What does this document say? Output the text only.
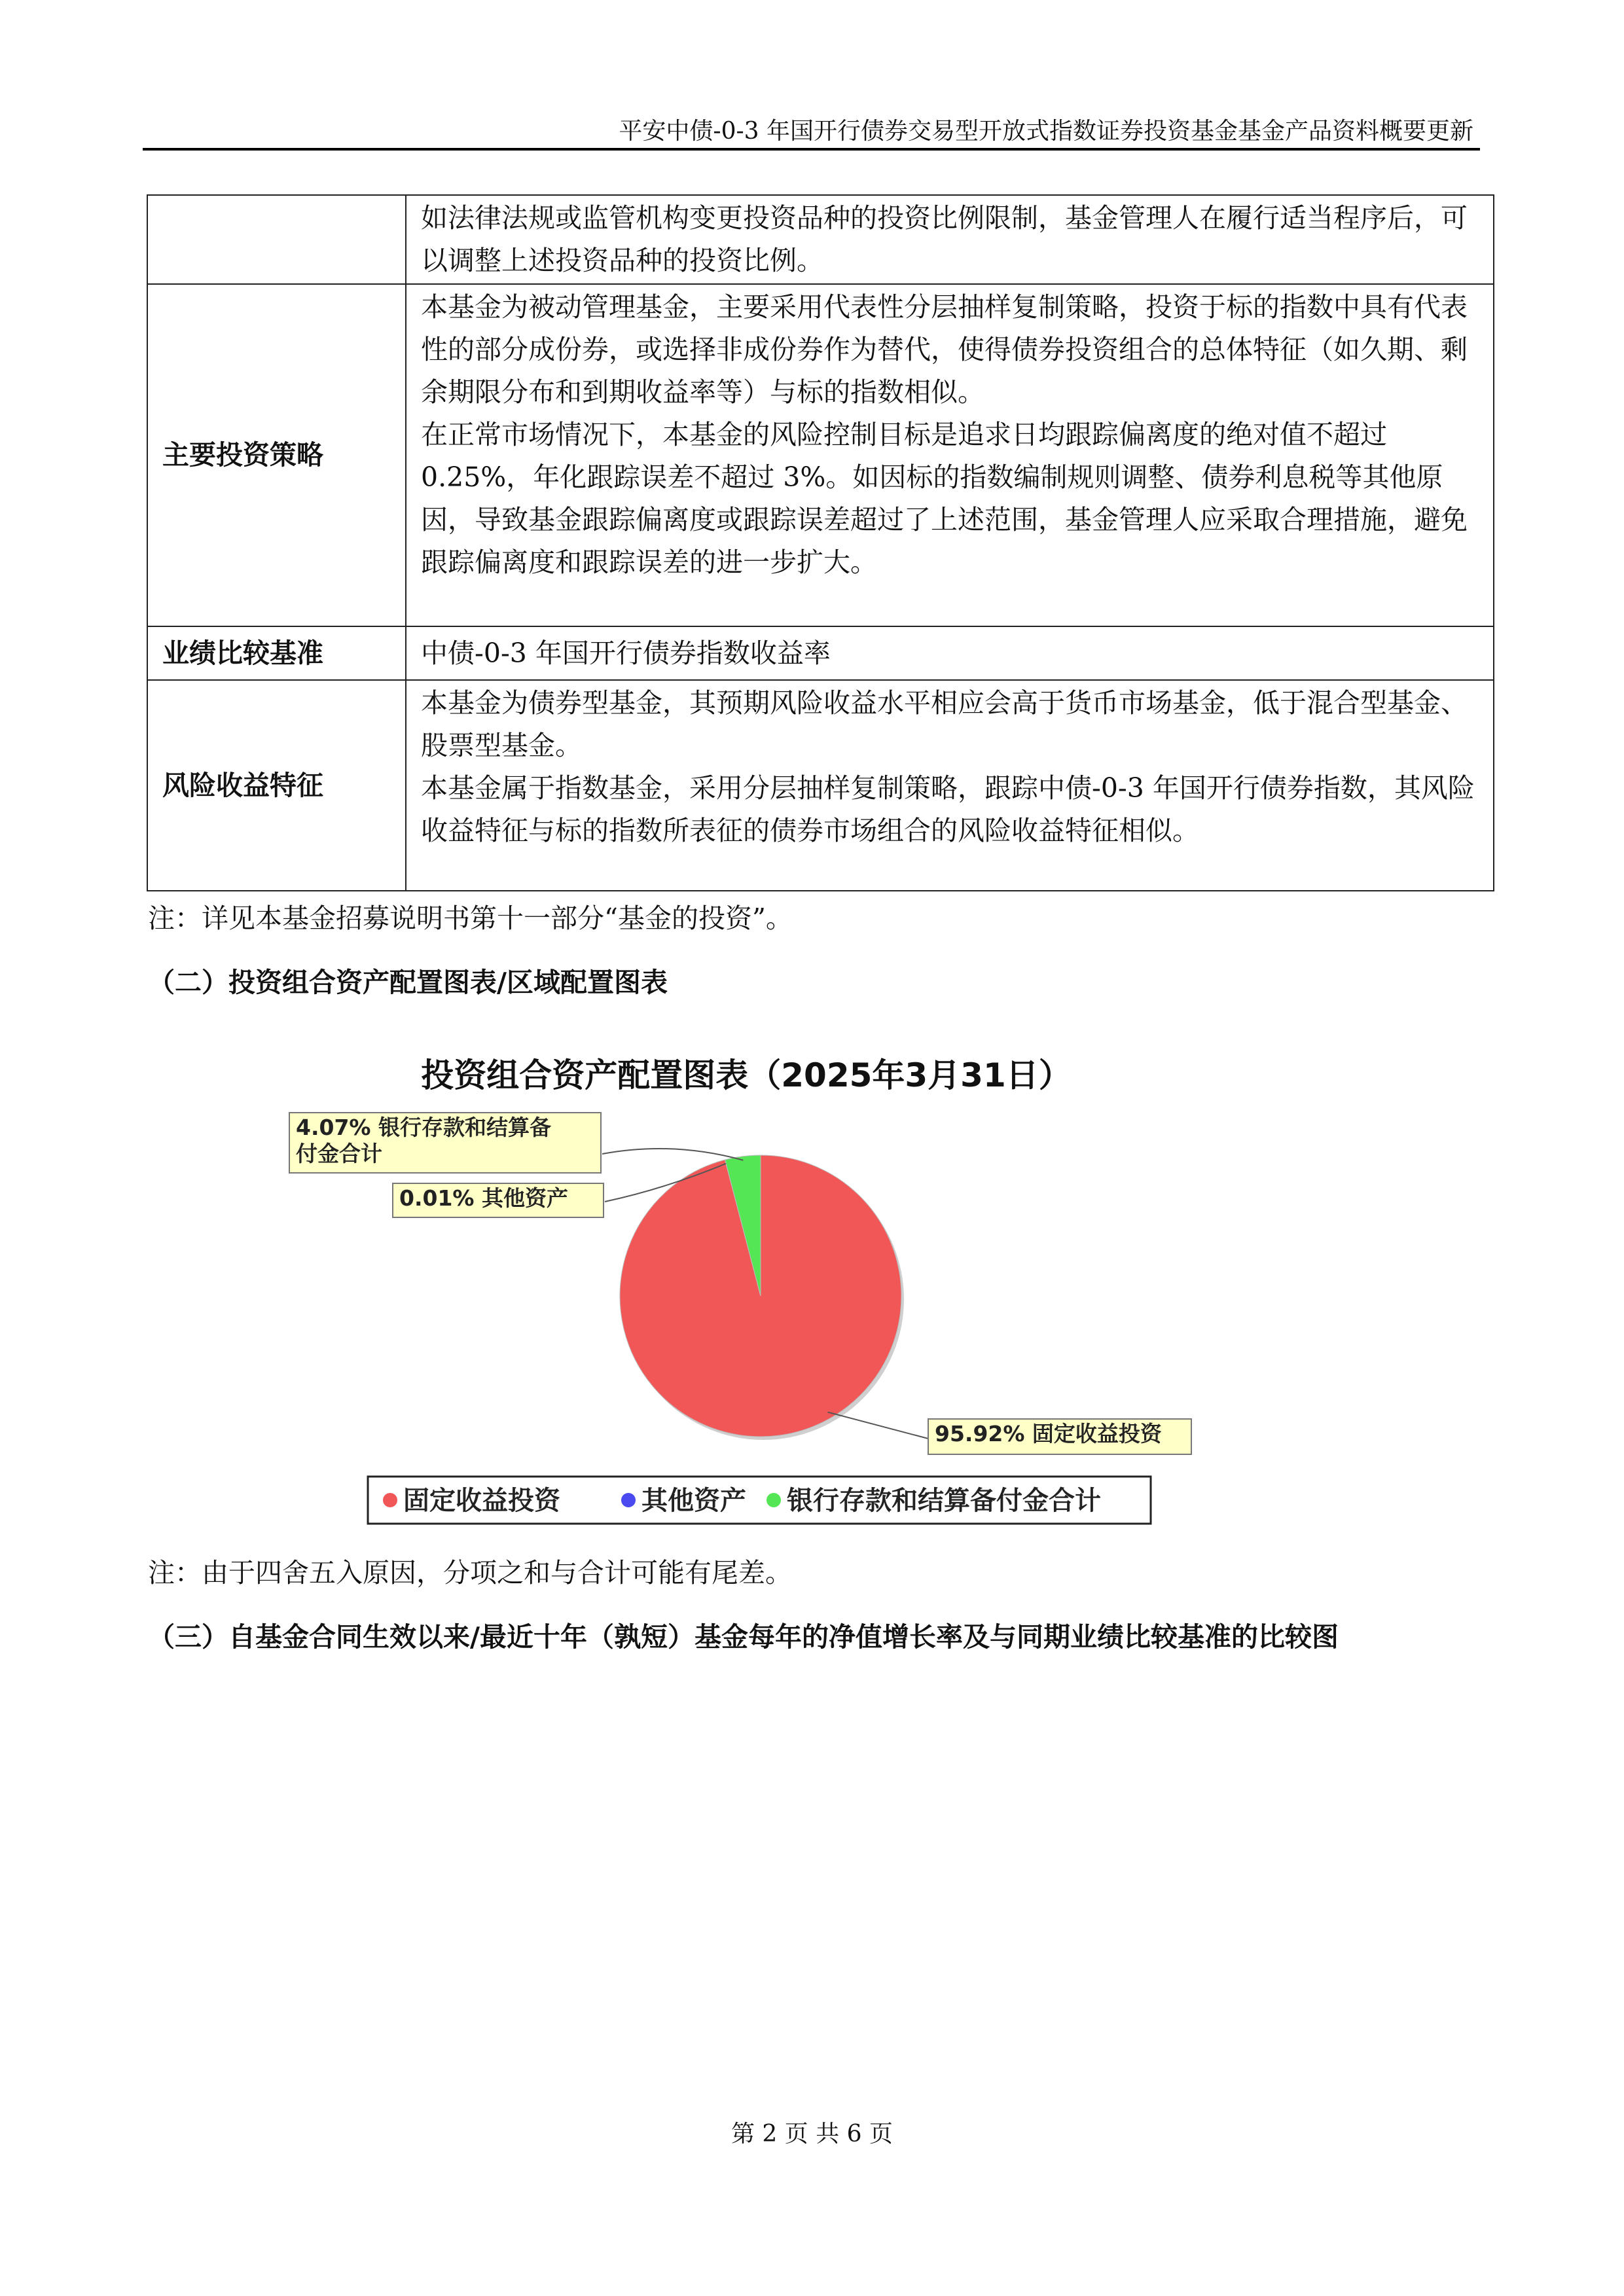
平安中债-0-3 年国开行债券交易型开放式指数证券投资基金基金产品资料概要更新

	如法律法规或监管机构变更投资品种的投资比例限制，基金管理人在履行适当程序后，可以调整上述投资品种的投资比例。

主要投资策略	本基金为被动管理基金，主要采用代表性分层抽样复制策略，投资于标的指数中具有代表性的部分成份券，或选择非成份券作为替代，使得债券投资组合的总体特征（如久期、剩余期限分布和到期收益率等）与标的指数相似。
在正常市场情况下，本基金的风险控制目标是追求日均跟踪偏离度的绝对值不超过 0.25%，年化跟踪误差不超过 3%。如因标的指数编制规则调整、债券利息税等其他原因，导致基金跟踪偏离度或跟踪误差超过了上述范围，基金管理人应采取合理措施，避免跟踪偏离度和跟踪误差的进一步扩大。

业绩比较基准	中债-0-3 年国开行债券指数收益率

风险收益特征	本基金为债券型基金，其预期风险收益水平相应会高于货币市场基金，低于混合型基金、股票型基金。
本基金属于指数基金，采用分层抽样复制策略，跟踪中债-0-3 年国开行债券指数，其风险收益特征与标的指数所表征的债券市场组合的风险收益特征相似。
注：详见本基金招募说明书第十一部分“基金的投资”。
（二）投资组合资产配置图表/区域配置图表
投资组合资产配置图表（2025年3月31日）
4.07% 银行存款和结算备
付金合计
0.01% 其他资产
95.92% 固定收益投资
固定收益投资	其他资产 银行存款和结算备付金合计
注：由于四舍五入原因，分项之和与合计可能有尾差。
（三）自基金合同生效以来/最近十年（孰短）基金每年的净值增长率及与同期业绩比较基准的比较图
第 2 页 共 6 页
